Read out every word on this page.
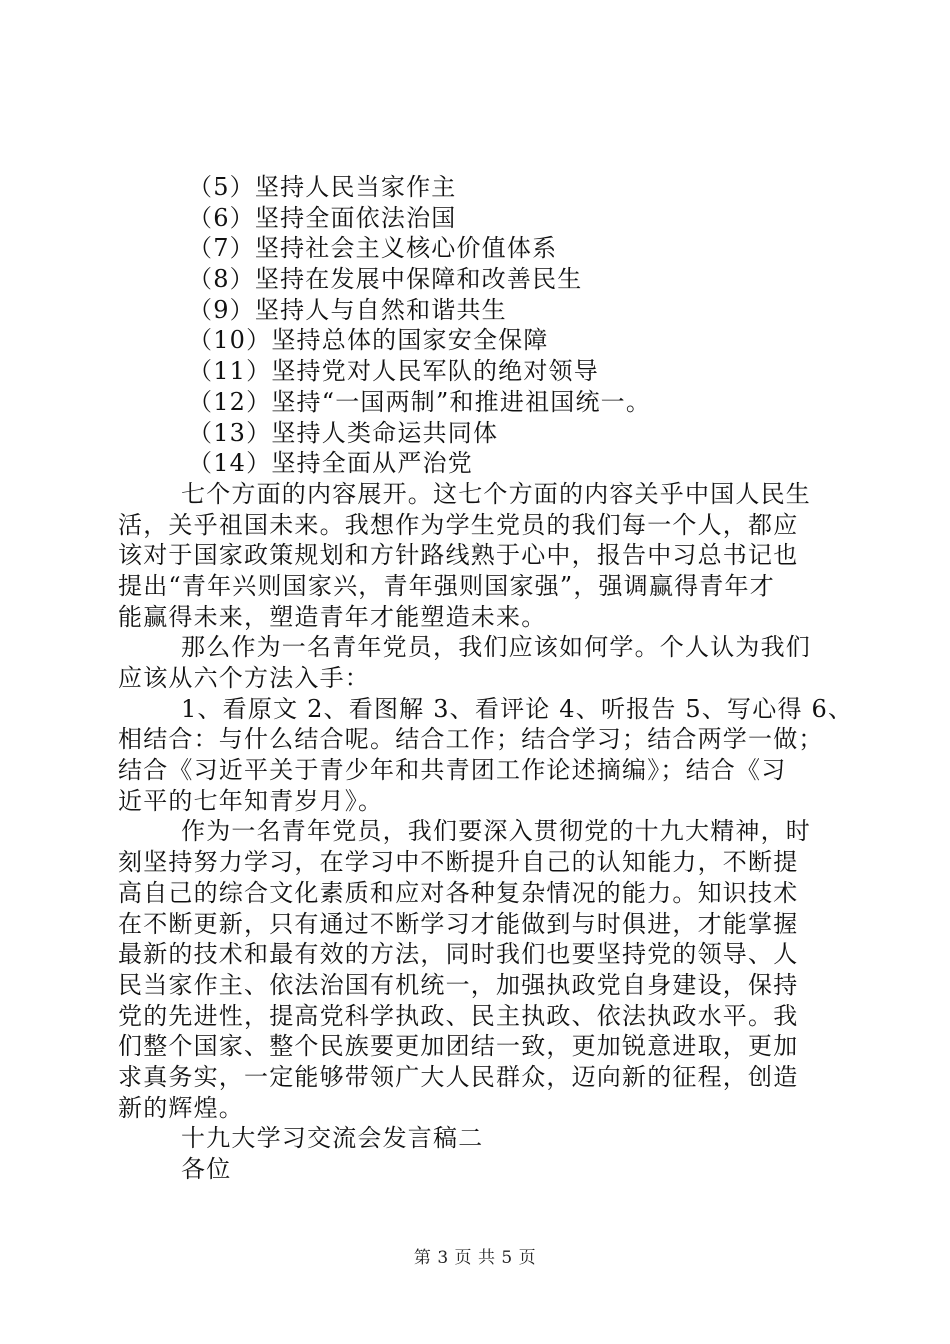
（5）坚持人民当家作主
（6）坚持全面依法治国
（7）坚持社会主义核心价值体系
（8）坚持在发展中保障和改善民生
（9）坚持人与自然和谐共生
（10）坚持总体的国家安全保障
（11）坚持党对人民军队的绝对领导
（12）坚持“一国两制”和推进祖国统一。
（13）坚持人类命运共同体
（14）坚持全面从严治党
七个方面的内容展开。这七个方面的内容关乎中国人民生
活，关乎祖国未来。我想作为学生党员的我们每一个人，都应
该对于国家政策规划和方针路线熟于心中，报告中习总书记也
提出“青年兴则国家兴，青年强则国家强”，强调赢得青年才
能赢得未来，塑造青年才能塑造未来。
那么作为一名青年党员，我们应该如何学。个人认为我们
应该从六个方法入手：
1、看原文 2、看图解 3、看评论 4、听报告 5、写心得 6、
相结合：与什么结合呢。结合工作；结合学习；结合两学一做；
结合《习近平关于青少年和共青团工作论述摘编》；结合《习
近平的七年知青岁月》。
作为一名青年党员，我们要深入贯彻党的十九大精神，时
刻坚持努力学习，在学习中不断提升自己的认知能力，不断提
高自己的综合文化素质和应对各种复杂情况的能力。知识技术
在不断更新，只有通过不断学习才能做到与时俱进，才能掌握
最新的技术和最有效的方法，同时我们也要坚持党的领导、人
民当家作主、依法治国有机统一，加强执政党自身建设，保持
党的先进性，提高党科学执政、民主执政、依法执政水平。我
们整个国家、整个民族要更加团结一致，更加锐意进取，更加
求真务实，一定能够带领广大人民群众，迈向新的征程，创造
新的辉煌。
十九大学习交流会发言稿二
各位
第 3 页 共 5 页
